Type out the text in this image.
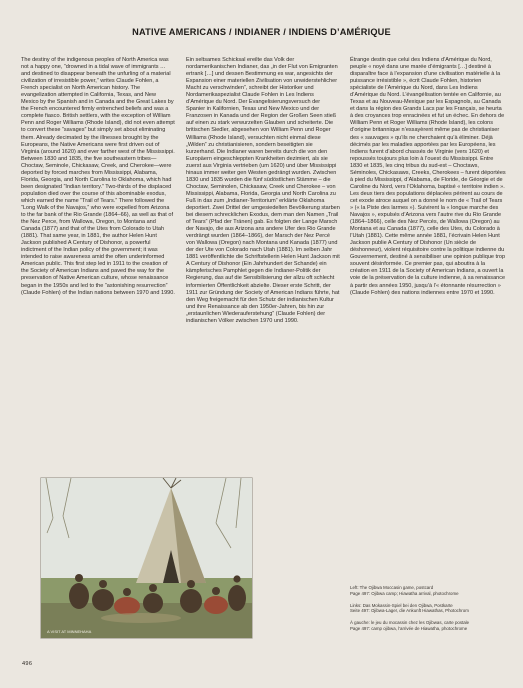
NATIVE AMERICANS / INDIANER / INDIENS D’AMÉRIQUE

The destiny of the indigenous peoples of North America was not a happy one, “drowned in a tidal wave of immigrants … and destined to disappear beneath the unfurling of a material civilization of irresistible power,” writes Claude Fohlen, a French specialist on North American history. The evangelization attempted in California, Texas, and New Mexico by the Spanish and in Canada and the Great Lakes by the French encountered firmly entrenched beliefs and was a complete fiasco. British settlers, with the exception of William Penn and Roger Williams (Rhode Island), did not even attempt to convert these “savages” but simply set about eliminating them. Already decimated by the illnesses brought by the Europeans, the Native Americans were first driven out of Virginia (around 1620) and ever farther west of the Mississippi. Between 1830 and 1835, the five southeastern tribes—Choctaw, Seminole, Chickasaw, Creek, and Cherokee—were deported by forced marches from Mississippi, Alabama, Florida, Georgia, and North Carolina to Oklahoma, which had been designated “Indian territory.” Two-thirds of the displaced population died over the course of this abominable exodus, which earned the name “Trail of Tears.” There followed the “Long Walk of the Navajos,” who were expelled from Arizona to the far bank of the Rio Grande (1864–66), as well as that of the Nez Perce, from Wallowa, Oregon, to Montana and Canada (1877) and that of the Utes from Colorado to Utah (1881). That same year, in 1881, the author Helen Hunt Jackson published A Century of Dishonor, a powerful indictment of the Indian policy of the government; it was intended to raise awareness amid the often underinformed American public. This first step led in 1911 to the creation of the Society of American Indians and paved the way for the preservation of Native American culture, whose renaissance began in the 1950s and led to the “astonishing resurrection” (Claude Fohlen) of the Indian nations between 1970 and 1990.

Ein seltsames Schicksal ereilte das Volk der nordamerikanischen Indianer, das „in der Flut von Emigranten ertrank […] und dessen Bestimmung es war, angesichts der Expansion einer materiellen Zivilisation von unwiderstehlicher Macht zu verschwinden“, schreibt der Historiker und Nordamerikaspezialist Claude Fohlen in Les Indiens d’Amérique du Nord. Der Evangelisierungsversuch der Spanier in Kalifornien, Texas und New Mexico und der Franzosen in Kanada und der Region der Großen Seen stieß auf einen zu stark verwurzelten Glauben und scheiterte. Die britischen Siedler, abgesehen von William Penn und Roger Williams (Rhode Island), versuchten nicht einmal diese „Wilden“ zu christianisieren, sondern beseitigten sie kurzerhand. Die Indianer waren bereits durch die von den Europäern eingeschleppten Krankheiten dezimiert, als sie zuerst aus Virginia vertrieben (um 1620) und über Mississippi hinaus immer weiter gen Westen gedrängt wurden. Zwischen 1830 und 1835 wurden die fünf südöstlichen Stämme – die Choctaw, Seminolen, Chickasaw, Creek und Cherokee – von Mississippi, Alabama, Florida, Georgia und North Carolina zu Fuß in das zum „Indianer-Territorium“ erklärte Oklahoma deportiert. Zwei Drittel der umgesiedelten Bevölkerung starben bei diesem schrecklichen Exodus, dem man den Namen „Trail of Tears“ (Pfad der Tränen) gab. Es folgten der Lange Marsch der Navajo, die aus Arizona ans andere Ufer des Rio Grande verdrängt wurden (1864–1866), der Marsch der Nez Percé von Wallowa (Oregon) nach Montana und Kanada (1877) und der der Ute von Colorado nach Utah (1881). Im selben Jahr 1881 veröffentlichte die Schriftstellerin Helen Hunt Jackson mit A Century of Dishonor (Ein Jahrhundert der Schande) ein kämpferisches Pamphlet gegen die Indianer-Politik der Regierung, das auf die Sensibilisierung der allzu oft schlecht informierten Öffentlichkeit abzielte. Dieser erste Schritt, der 1911 zur Gründung der Society of American Indians führte, hat den Weg freigemacht für den Schutz der indianischen Kultur und ihre Renaissance ab den 1950er-Jahren, bis hin zur „erstaunlichen Wiederauferstehung“ (Claude Fohlen) der indianischen Völker zwischen 1970 und 1990.

Étrange destin que celui des Indiens d’Amérique du Nord, peuple « noyé dans une marée d’émigrants […] destiné à disparaître face à l’expansion d’une civilisation matérielle à la puissance irrésistible », écrit Claude Fohlen, historien spécialiste de l’Amérique du Nord, dans Les Indiens d’Amérique du Nord. L’évangélisation tentée en Californie, au Texas et au Nouveau-Mexique par les Espagnols, au Canada et dans la région des Grands Lacs par les Français, se heurta à des croyances trop enracinées et fut un échec. En dehors de William Penn et Roger Williams (Rhode Island), les colons d’origine britannique n’essayèrent même pas de christianiser des « sauvages » qu’ils ne cherchaient qu’à éliminer. Déjà décimés par les maladies apportées par les Européens, les Indiens furent d’abord chassés de Virginie (vers 1620) et repoussés toujours plus loin à l’ouest du Mississippi. Entre 1830 et 1835, les cinq tribus du sud-est – Choctaws, Séminoles, Chickasaws, Creeks, Cherokees – furent déportées à pied du Mississippi, d’Alabama, de Floride, de Géorgie et de Caroline du Nord, vers l’Oklahoma, baptisé « territoire indien ». Les deux tiers des populations déplacées périrent au cours de cet exode atroce auquel on a donné le nom de « Trail of Tears » (« la Piste des larmes »). Suivirent la « longue marche des Navajos », expulsés d’Arizona vers l’autre rive du Rio Grande (1864–1866), celle des Nez Percés, de Wallowa (Oregon) au Montana et au Canada (1877), celle des Utes, du Colorado à l’Utah (1881). Cette même année 1881, l’écrivain Helen Hunt Jackson publie A Century of Dishonor (Un siècle de déshonneur), violent réquisitoire contre la politique indienne du Gouvernement, destiné à sensibiliser une opinion publique trop souvent désinformée. Ce premier pas, qui aboutira à la création en 1911 de la Society of American Indians, a ouvert la voie de la préservation de la culture indienne, à sa renaissance à partir des années 1950, jusqu’à l’« étonnante résurrection » (Claude Fohlen) des nations indiennes entre 1970 et 1990.

A VISIT AT MINNEHAHA
Left: The Ojibwa Moccasin game, postcard
Page 497: Ojibwa camp; Hiawatha arrival, photochrome
Links: Das Mokassin-Spiel bei den Ojibwa, Postkarte
Seite 497: Ojibwa-Lager, die Ankunft Hiawathas, Photochrom
À gauche: le jeu du mocassin chez les Ojibwas, carte postale
Page 497: camp ojibwa, l’arrivée de Hiawatha, photochrome
496
